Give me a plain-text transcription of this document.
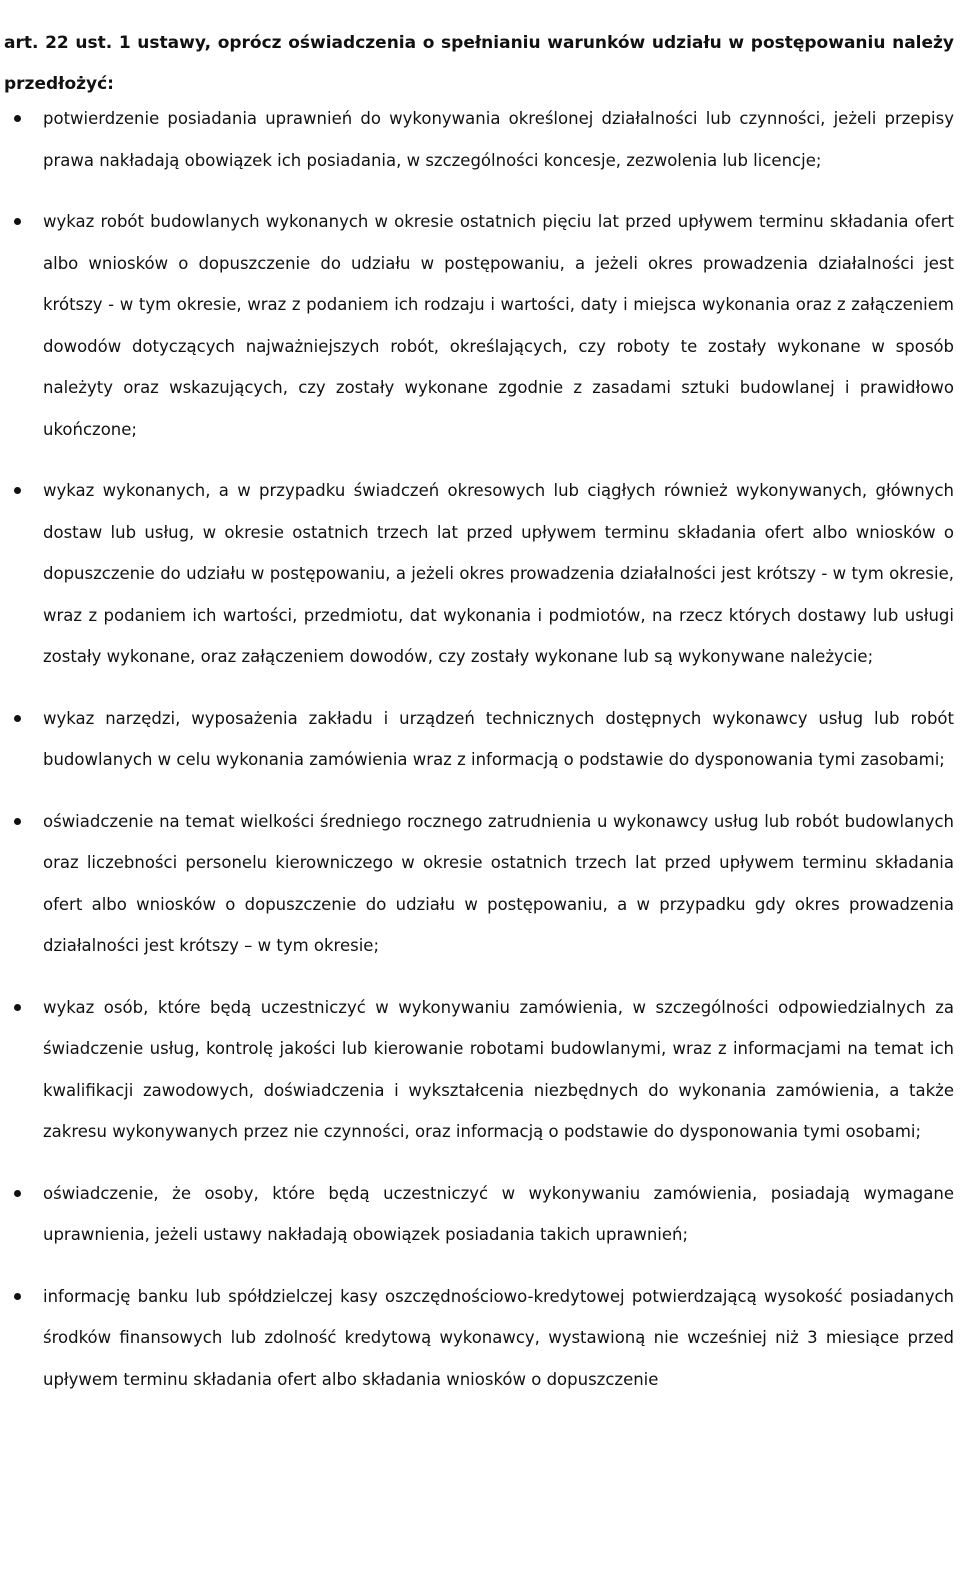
art. 22 ust. 1 ustawy, oprócz oświadczenia o spełnianiu warunków udziału w postępowaniu należy przedłożyć:
potwierdzenie posiadania uprawnień do wykonywania określonej działalności lub czynności, jeżeli przepisy prawa nakładają obowiązek ich posiadania, w szczególności koncesje, zezwolenia lub licencje;
wykaz robót budowlanych wykonanych w okresie ostatnich pięciu lat przed upływem terminu składania ofert albo wniosków o dopuszczenie do udziału w postępowaniu, a jeżeli okres prowadzenia działalności jest krótszy - w tym okresie, wraz z podaniem ich rodzaju i wartości, daty i miejsca wykonania oraz z załączeniem dowodów dotyczących najważniejszych robót, określających, czy roboty te zostały wykonane w sposób należyty oraz wskazujących, czy zostały wykonane zgodnie z zasadami sztuki budowlanej i prawidłowo ukończone;
wykaz wykonanych, a w przypadku świadczeń okresowych lub ciągłych również wykonywanych, głównych dostaw lub usług, w okresie ostatnich trzech lat przed upływem terminu składania ofert albo wniosków o dopuszczenie do udziału w postępowaniu, a jeżeli okres prowadzenia działalności jest krótszy - w tym okresie, wraz z podaniem ich wartości, przedmiotu, dat wykonania i podmiotów, na rzecz których dostawy lub usługi zostały wykonane, oraz załączeniem dowodów, czy zostały wykonane lub są wykonywane należycie;
wykaz narzędzi, wyposażenia zakładu i urządzeń technicznych dostępnych wykonawcy usług lub robót budowlanych w celu wykonania zamówienia wraz z informacją o podstawie do dysponowania tymi zasobami;
oświadczenie na temat wielkości średniego rocznego zatrudnienia u wykonawcy usług lub robót budowlanych oraz liczebności personelu kierowniczego w okresie ostatnich trzech lat przed upływem terminu składania ofert albo wniosków o dopuszczenie do udziału w postępowaniu, a w przypadku gdy okres prowadzenia działalności jest krótszy – w tym okresie;
wykaz osób, które będą uczestniczyć w wykonywaniu zamówienia, w szczególności odpowiedzialnych za świadczenie usług, kontrolę jakości lub kierowanie robotami budowlanymi, wraz z informacjami na temat ich kwalifikacji zawodowych, doświadczenia i wykształcenia niezbędnych do wykonania zamówienia, a także zakresu wykonywanych przez nie czynności, oraz informacją o podstawie do dysponowania tymi osobami;
oświadczenie, że osoby, które będą uczestniczyć w wykonywaniu zamówienia, posiadają wymagane uprawnienia, jeżeli ustawy nakładają obowiązek posiadania takich uprawnień;
informację banku lub spółdzielczej kasy oszczędnościowo-kredytowej potwierdzającą wysokość posiadanych środków finansowych lub zdolność kredytową wykonawcy, wystawioną nie wcześniej niż 3 miesiące przed upływem terminu składania ofert albo składania wniosków o dopuszczenie
